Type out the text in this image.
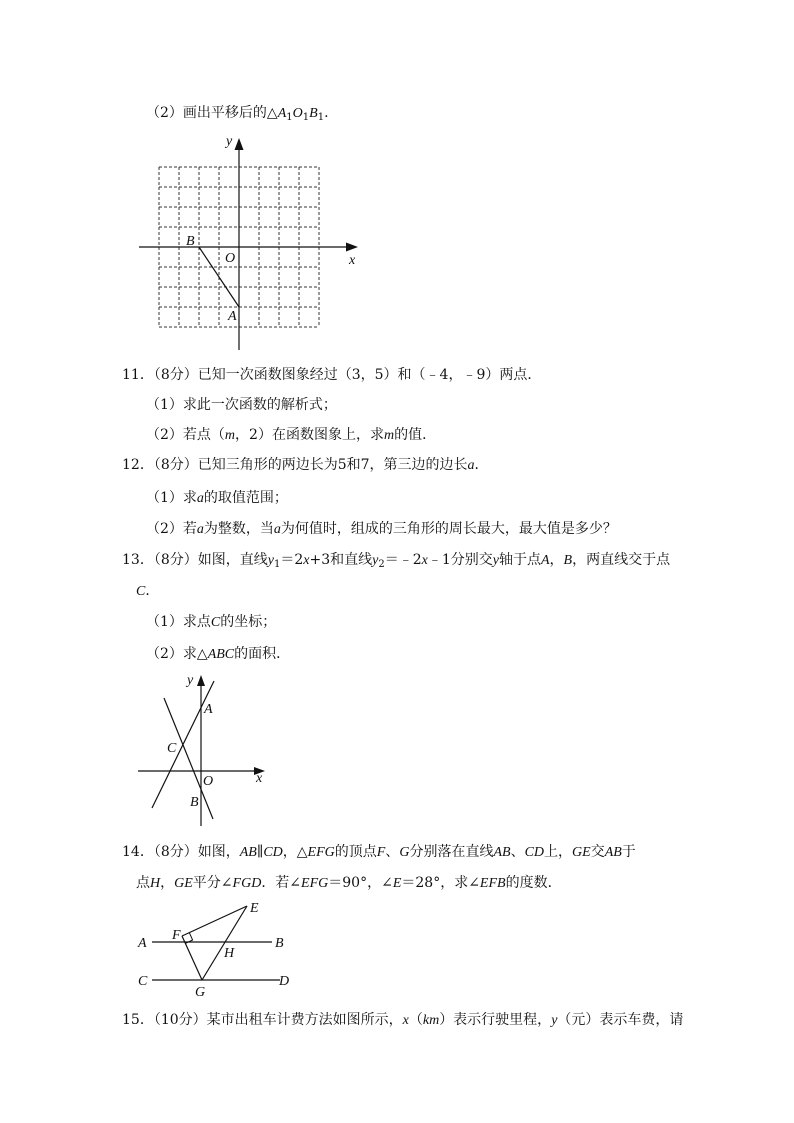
（2）画出平移后的$\triangle A_1O_1B_1$.
y
x
B
O
A
11．（8分）已知一次函数图象经过（3，5）和（﹣4，﹣9）两点．
（1）求此一次函数的解析式；
（2）若点（m，2）在函数图象上，求m的值．
12．（8分）已知三角形的两边长为5和7，第三边的边长a．
（1）求a的取值范围；
（2）若a为整数，当a为何值时，组成的三角形的周长最大，最大值是多少？
13．（8分）如图，直线$y_1=2x+3$和直线$y_2=﹣2x﹣1$分别交y轴于点A，B，两直线交于点
C．
（1）求点C的坐标；
（2）求△ABC的面积．
y
A
C
O	x
B
14．（8分）如图，AB∥CD，△EFG的顶点F、G分别落在直线AB、CD上，GE交AB于
点H，GE平分∠FGD．若∠EFG＝90°，∠E＝28°，求∠EFB的度数．
E
A
F
B
H
C	D
G
15．（10分）某市出租车计费方法如图所示，x（km）表示行驶里程，y（元）表示车费，请
